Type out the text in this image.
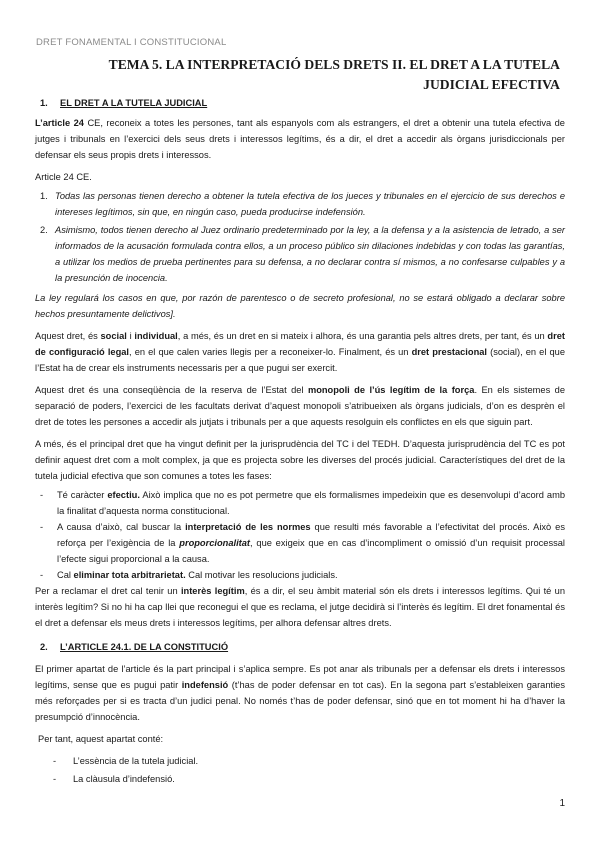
DRET FONAMENTAL I CONSTITUCIONAL
TEMA 5. LA INTERPRETACIÓ DELS DRETS II. EL DRET A LA TUTELA
JUDICIAL EFECTIVA
1. EL DRET A LA TUTELA JUDICIAL

L’article 24 CE, reconeix a totes les persones, tant als espanyols com als estrangers, el dret a obtenir una tutela efectiva de jutges i tribunals en l’exercici dels seus drets i interessos legítims, és a dir, el dret a accedir als òrgans jurisdiccionals per defensar els seus propis drets i interessos.

Article 24 CE.

1. Todas las personas tienen derecho a obtener la tutela efectiva de los jueces y tribunales en el ejercicio de sus derechos e intereses legítimos, sin que, en ningún caso, pueda producirse indefensión.
2. Asimismo, todos tienen derecho al Juez ordinario predeterminado por la ley, a la defensa y a la asistencia de letrado, a ser informados de la acusación formulada contra ellos, a un proceso público sin dilaciones indebidas y con todas las garantías, a utilizar los medios de prueba pertinentes para su defensa, a no declarar contra sí mismos, a no confesarse culpables y a la presunción de inocencia.

La ley regulará los casos en que, por razón de parentesco o de secreto profesional, no se estará obligado a declarar sobre hechos presuntamente delictivos].

Aquest dret, és social i individual, a més, és un dret en si mateix i alhora, és una garantia pels altres drets, per tant, és un dret de configuració legal, en el que calen varies llegis per a reconeixer-lo. Finalment, és un dret prestacional (social), en el que l’Estat ha de crear els instruments necessaris per a que pugui ser exercit.

Aquest dret és una conseqüència de la reserva de l’Estat del monopoli de l’ús legítim de la força. En els sistemes de separació de poders, l’exercici de les facultats derivat d’aquest monopoli s’atribueixen als òrgans judicials, d’on es desprèn el dret de totes les persones a accedir als jutjats i tribunals per a que aquests resolguin els conflictes en els que siguin part.

A més, és el principal dret que ha vingut definit per la jurisprudència del TC i del TEDH. D’aquesta jurisprudència del TC es pot definir aquest dret com a molt complex, ja que es projecta sobre les diverses del procés judicial. Característiques del dret de la tutela judicial efectiva que son comunes a totes les fases:

- Té caràcter efectiu. Això implica que no es pot permetre que els formalismes impedeixin que es desenvolupi d’acord amb la finalitat d’aquesta norma constitucional.
- A causa d’això, cal buscar la interpretació de les normes que resulti més favorable a l’efectivitat del procés. Això es reforça per l’exigència de la proporcionalitat, que exigeix que en cas d’incompliment o omissió d’un requisit processal l’efecte sigui proporcional a la causa.
- Cal eliminar tota arbitrarietat. Cal motivar les resolucions judicials.

Per a reclamar el dret cal tenir un interès legítim, és a dir, el seu àmbit material són els drets i interessos legítims. Qui té un interès legítim? Si no hi ha cap llei que reconegui el que es reclama, el jutge decidirà si l’interès és legítim. El dret fonamental és el dret a defensar els meus drets i interessos legítims, per alhora defensar altres drets.

2. L’ARTICLE 24.1. DE LA CONSTITUCIÓ

El primer apartat de l’article és la part principal i s’aplica sempre. Es pot anar als tribunals per a defensar els drets i interessos legítims, sense que es pugui patir indefensió (t’has de poder defensar en tot cas). En la segona part s’estableixen garanties més reforçades per si es tracta d’un judici penal. No només t’has de poder defensar, sinó que en tot moment hi ha d’haver la presumpció d’innocència.

Per tant, aquest apartat conté:

- L’essència de la tutela judicial.
- La clàusula d’indefensió.
1
